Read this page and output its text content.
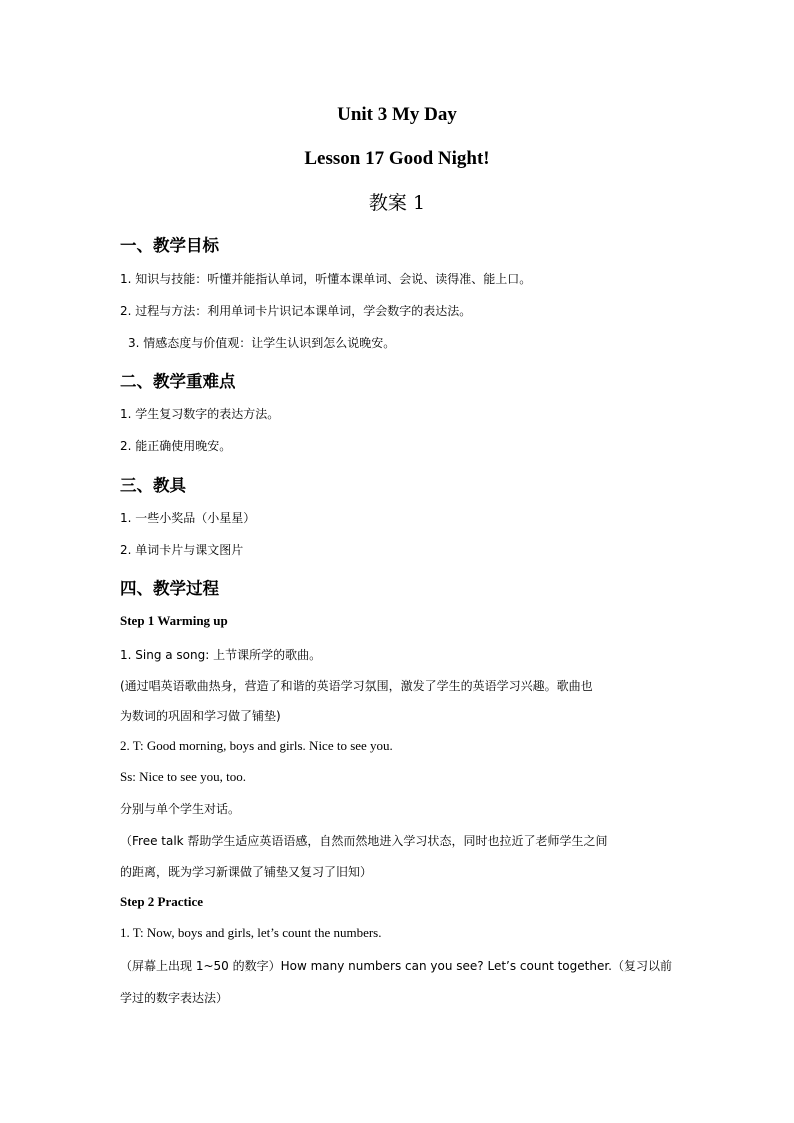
Unit 3 My Day
Lesson 17 Good Night!
教案 1
一、教学目标
1. 知识与技能：听懂并能指认单词，听懂本课单词、会说、读得准、能上口。
2. 过程与方法：利用单词卡片识记本课单词，学会数字的表达法。
3. 情感态度与价值观：让学生认识到怎么说晚安。
二、教学重难点
1. 学生复习数字的表达方法。
2. 能正确使用晚安。
三、教具
1. 一些小奖品（小星星）
2. 单词卡片与课文图片
四、教学过程
Step 1 Warming up
1. Sing a song: 上节课所学的歌曲。
(通过唱英语歌曲热身，营造了和谐的英语学习氛围，激发了学生的英语学习兴趣。歌曲也
为数词的巩固和学习做了铺垫)
2. T: Good morning, boys and girls. Nice to see you.
Ss: Nice to see you, too.
分别与单个学生对话。
（Free talk 帮助学生适应英语语感，自然而然地进入学习状态，同时也拉近了老师学生之间
的距离，既为学习新课做了铺垫又复习了旧知）
Step 2 Practice
1. T: Now, boys and girls, let’s count the numbers.
（屏幕上出现 1~50 的数字）How many numbers can you see? Let’s count together.（复习以前
学过的数字表达法）
